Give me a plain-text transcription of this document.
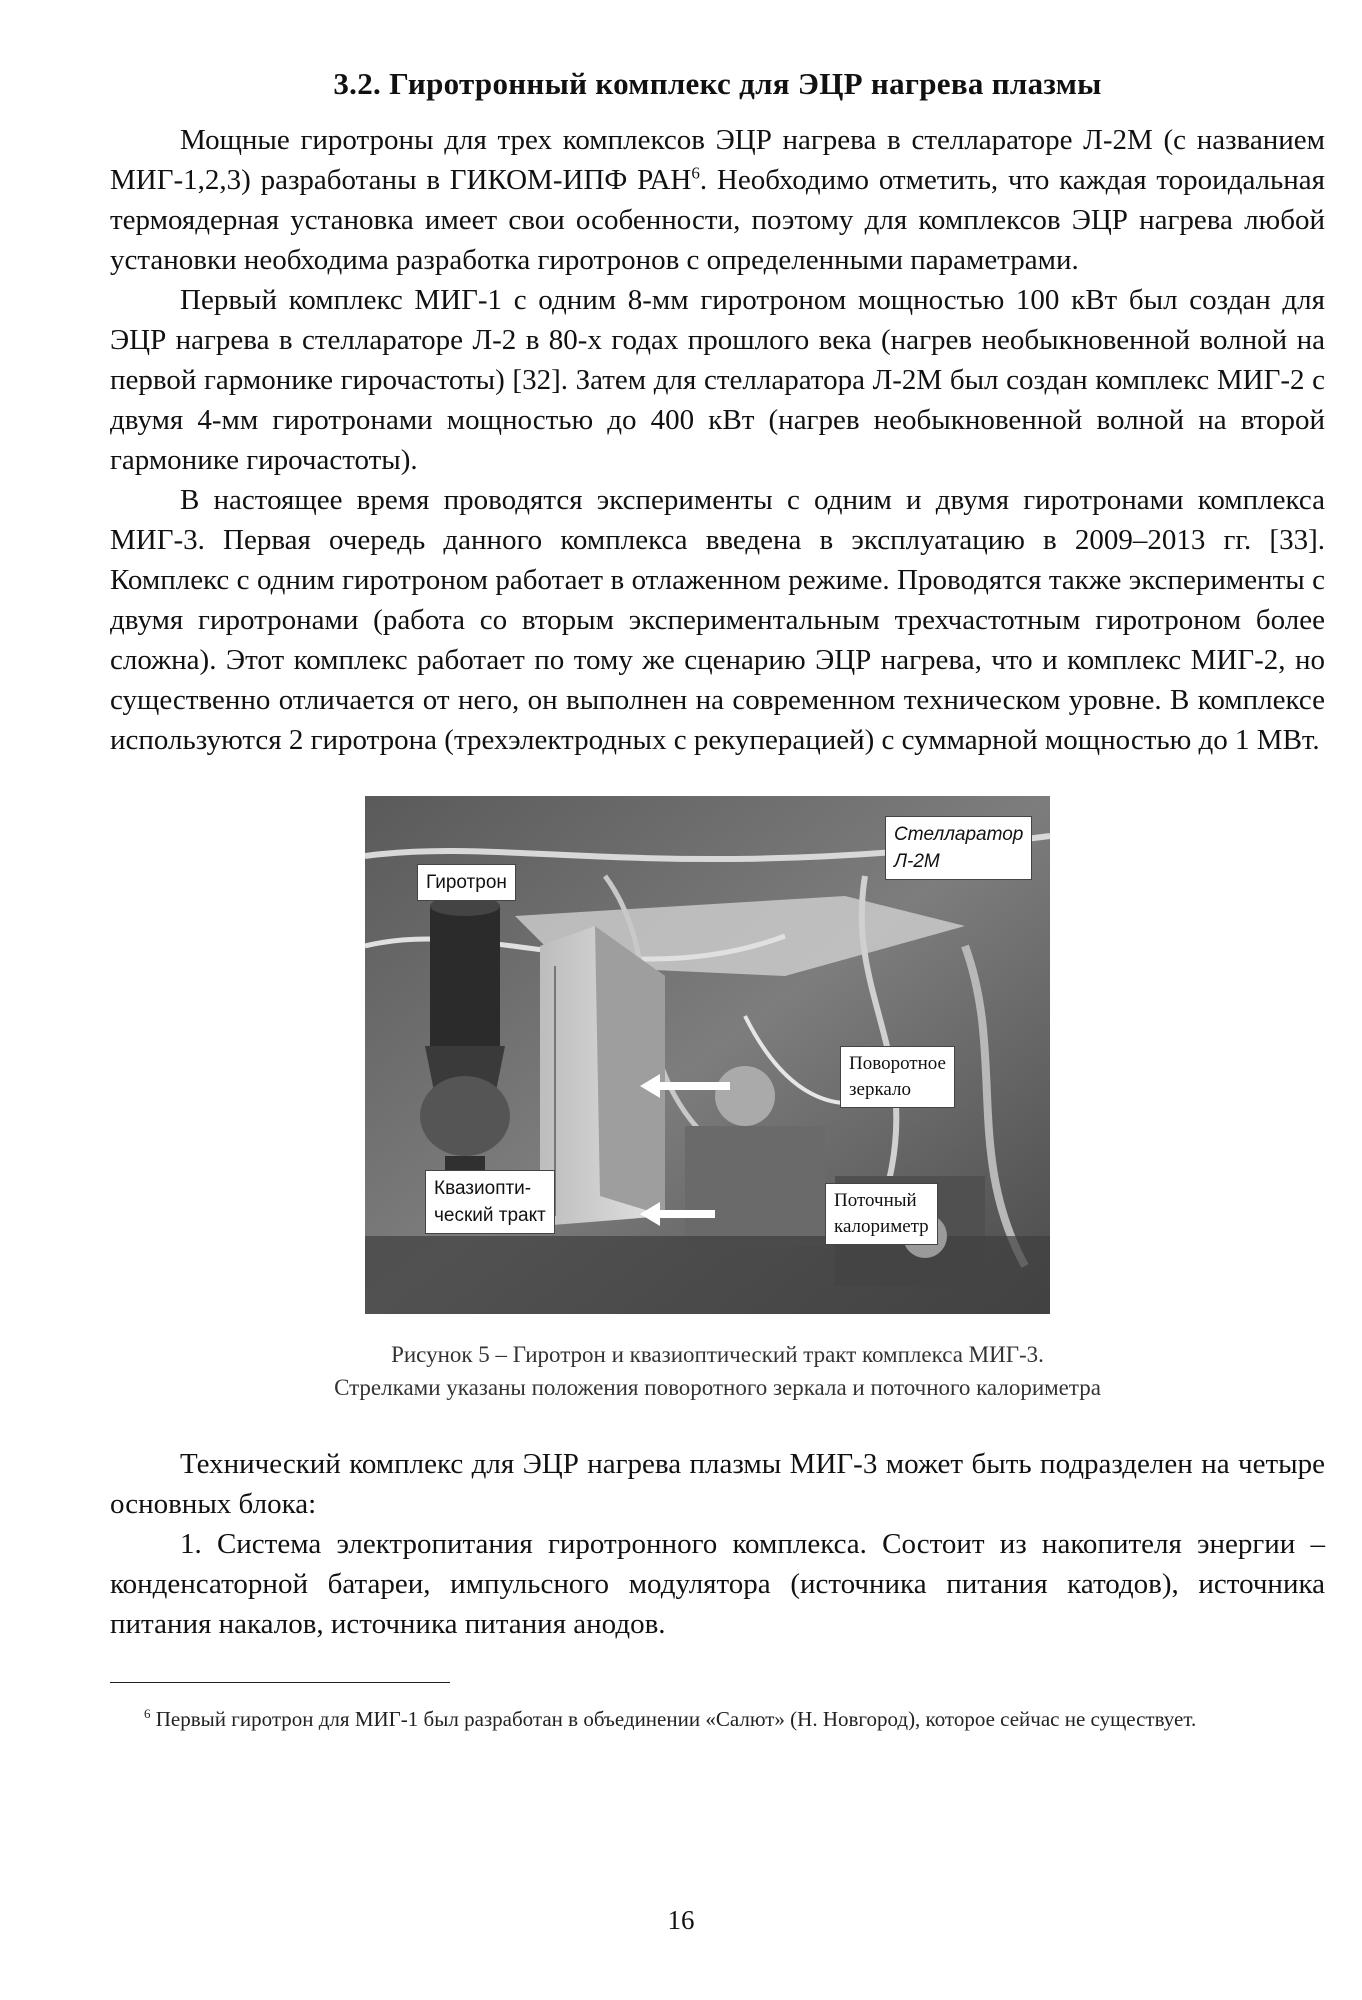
3.2. Гиротронный комплекс для ЭЦР нагрева плазмы

Мощные гиротроны для трех комплексов ЭЦР нагрева в стеллараторе Л-2М (с названием МИГ-1,2,3) разработаны в ГИКОМ-ИПФ РАН$^6$. Необходимо отметить, что каждая тороидальная термоядерная установка имеет свои особенности, поэтому для комплексов ЭЦР нагрева любой установки необходима разработка гиротронов с определенными параметрами.

Первый комплекс МИГ-1 с одним 8-мм гиротроном мощностью 100 кВт был создан для ЭЦР нагрева в стеллараторе Л-2 в 80-х годах прошлого века (нагрев необыкновенной волной на первой гармонике гирочастоты) [32]. Затем для стелларатора Л-2М был создан комплекс МИГ-2 с двумя 4-мм гиротронами мощностью до 400 кВт (нагрев необыкновенной волной на второй гармонике гирочастоты).

В настоящее время проводятся эксперименты с одним и двумя гиротронами комплекса МИГ-3. Первая очередь данного комплекса введена в эксплуатацию в 2009–2013 гг. [33]. Комплекс с одним гиротроном работает в отлаженном режиме. Проводятся также эксперименты с двумя гиротронами (работа со вторым экспериментальным трехчастотным гиротроном более сложна). Этот комплекс работает по тому же сценарию ЭЦР нагрева, что и комплекс МИГ-2, но существенно отличается от него, он выполнен на современном техническом уровне. В комплексе используются 2 гиротрона (трехэлектродных с рекуперацией) с суммарной мощностью до 1 МВт.

Гиротрон
Стелларатор
Л-2М
Поворотное
зеркало
Квазиопти-
ческий тракт
Поточный
калориметр
Рисунок 5 – Гиротрон и квазиоптический тракт комплекса МИГ-3.
Стрелками указаны положения поворотного зеркала и поточного калориметра

Технический комплекс для ЭЦР нагрева плазмы МИГ-3 может быть подразделен на четыре основных блока:

1. Система электропитания гиротронного комплекса. Состоит из накопителя энергии – конденсаторной батареи, импульсного модулятора (источника питания катодов), источника питания накалов, источника питания анодов.

$^6$ Первый гиротрон для МИГ-1 был разработан в объединении «Салют» (Н. Новгород), которое сейчас не существует.

16
